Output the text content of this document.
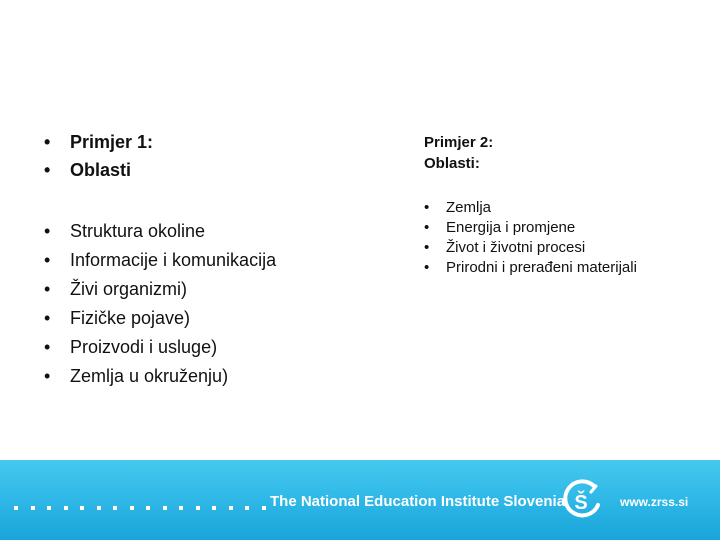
• Primjer 1:
• Oblasti
• Struktura okoline
• Informacije i komunikacija
• Živi organizmi)
• Fizičke pojave)
• Proizvodi i usluge)
• Zemlja u okruženju)
Primjer 2:
Oblasti:
• Zemlja
• Energija i promjene
• Život i životni procesi
• Prirodni i prerađeni materijali
The National Education Institute Slovenia Š	www.zrss.si
